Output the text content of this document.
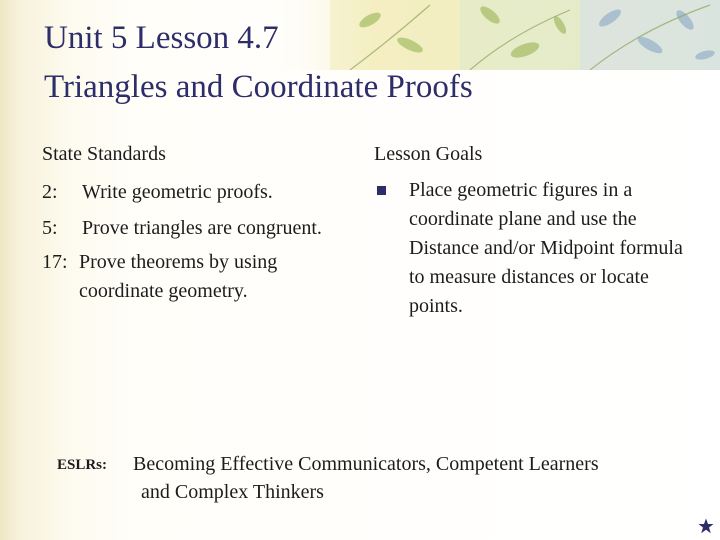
Unit 5 Lesson 4.7
Triangles and Coordinate Proofs
State Standards	Lesson Goals
2:	Write geometric proofs.
5:	Prove triangles are congruent.
17: Prove theorems by using coordinate geometry.
Place geometric figures in a coordinate plane and use the Distance and/or Midpoint formula to measure distances or locate points.
ESLRs: Becoming Effective Communicators, Competent Learners
and Complex Thinkers
